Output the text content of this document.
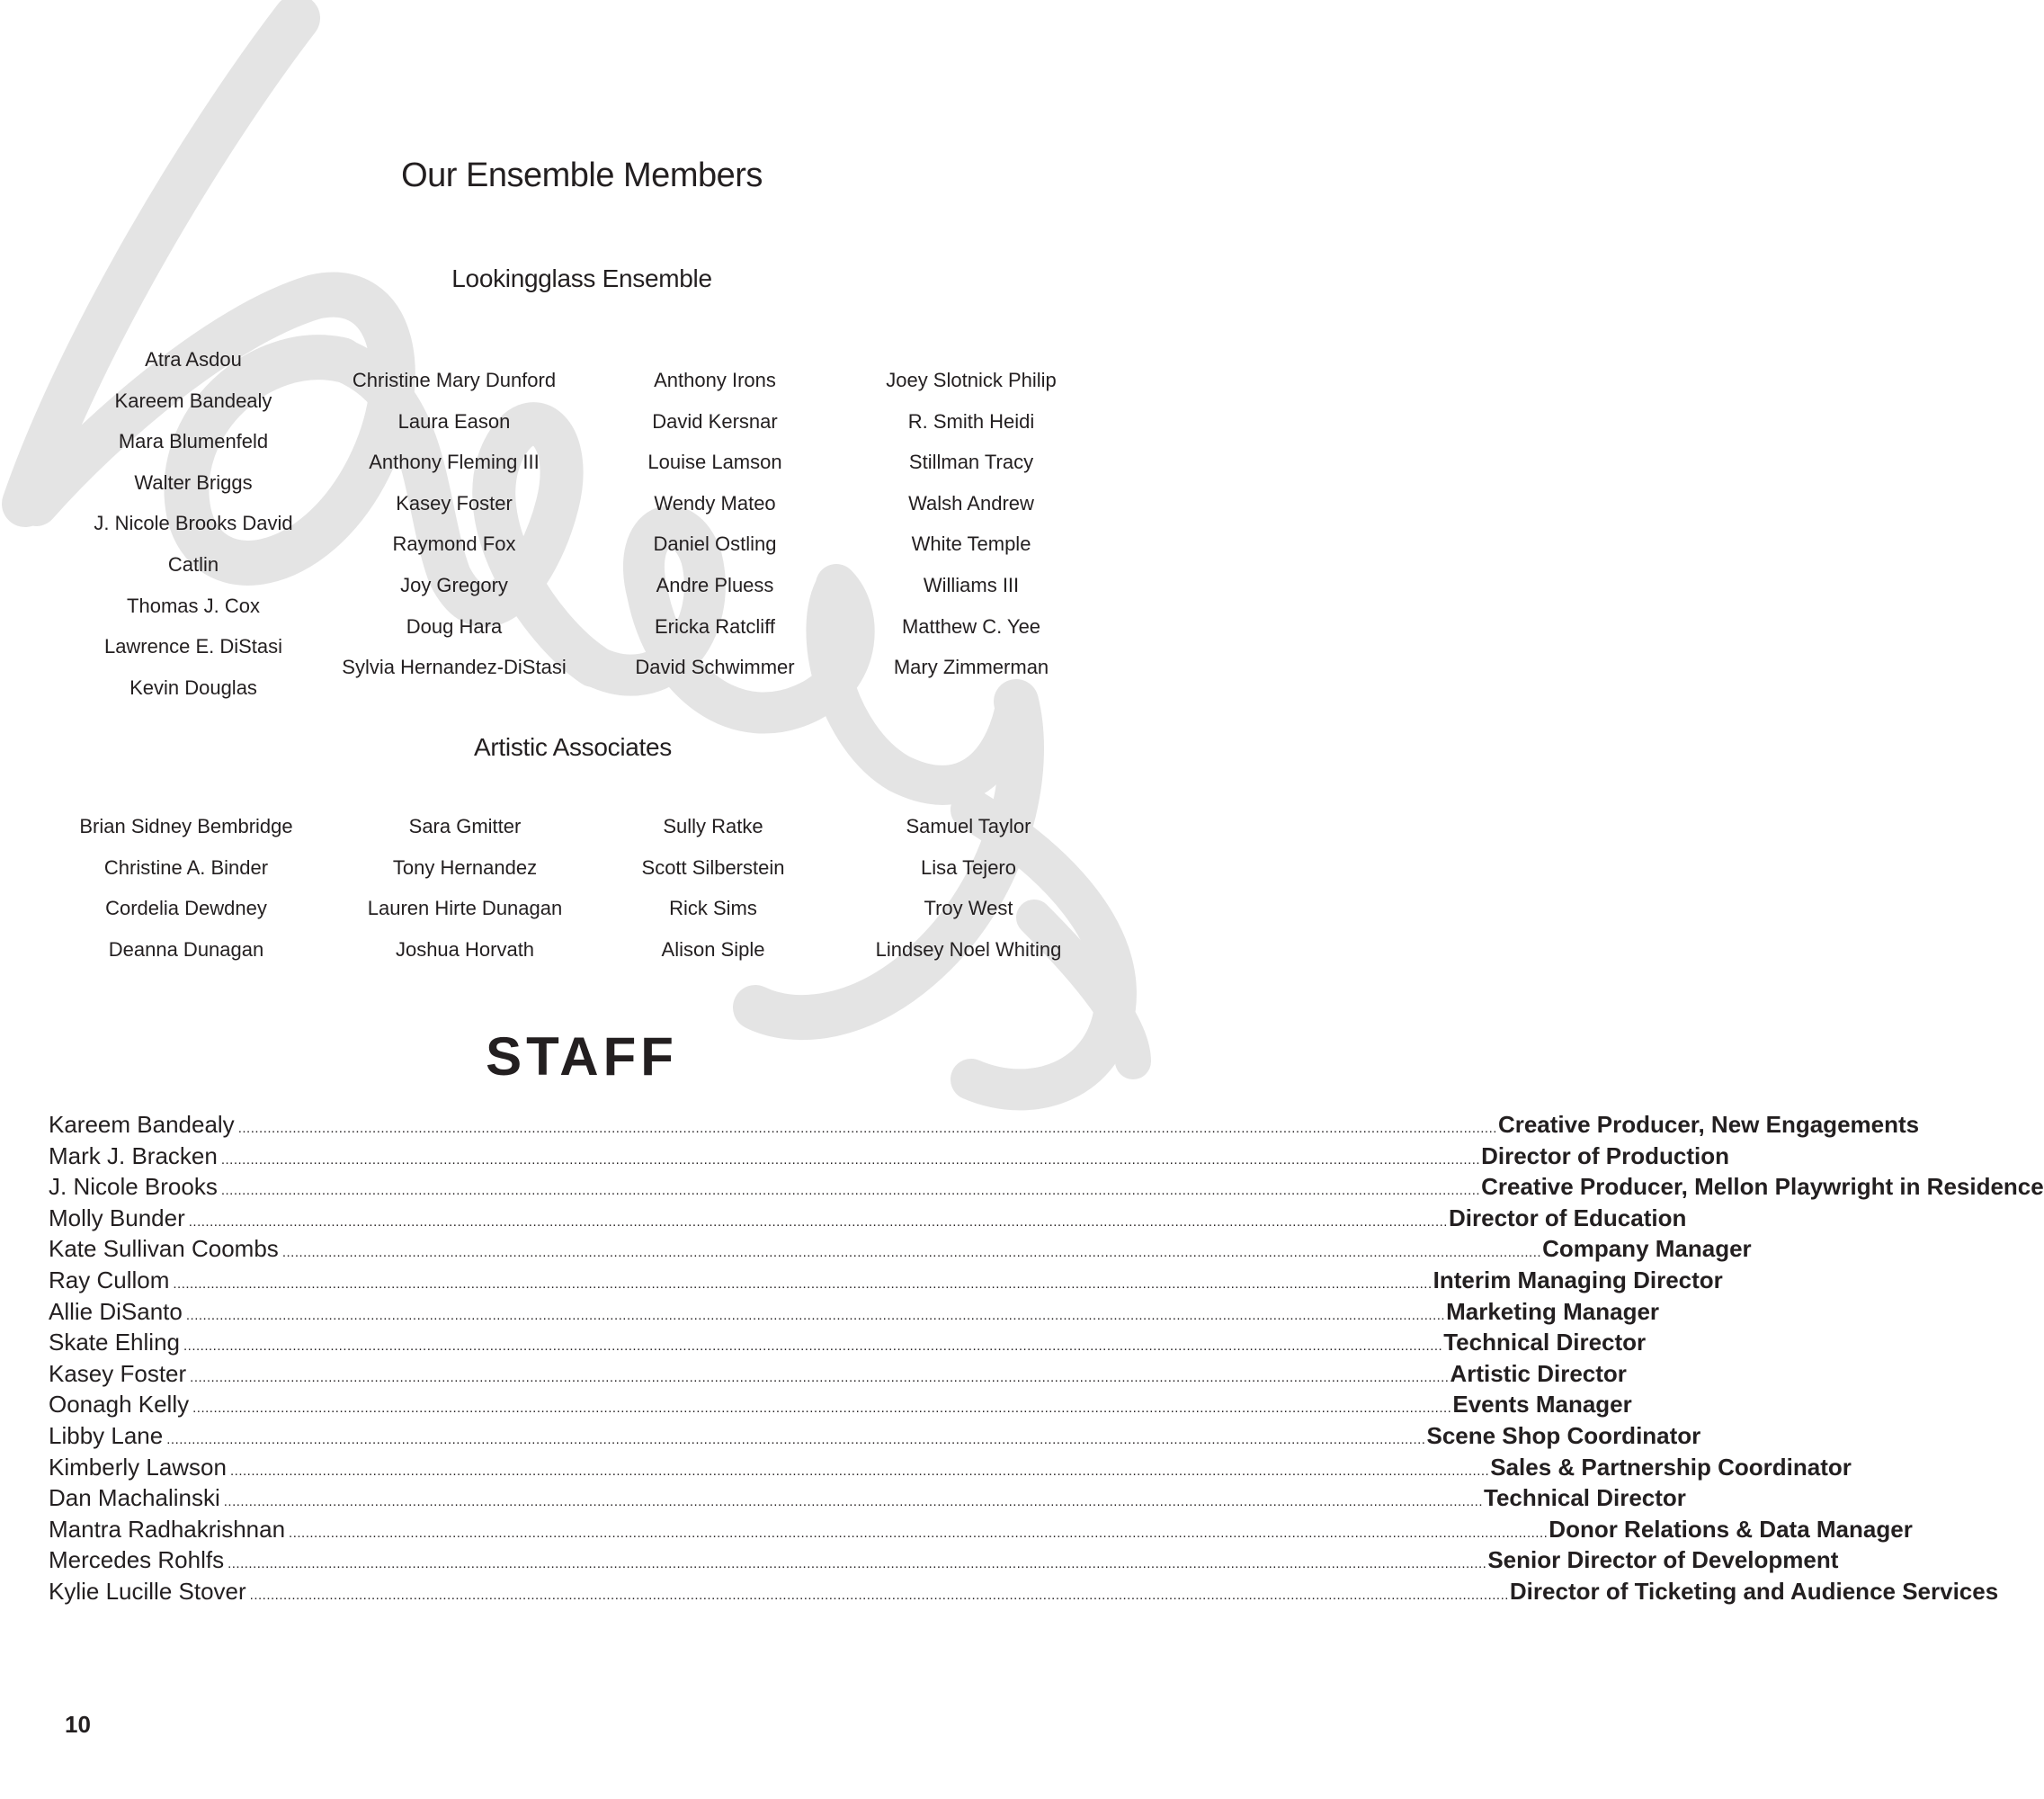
Our Ensemble Members
Lookingglass Ensemble
Atra Asdou
Kareem Bandealy
Mara Blumenfeld
Walter Briggs
J. Nicole Brooks David
Catlin
Thomas J. Cox
Lawrence E. DiStasi
Kevin Douglas
Christine Mary Dunford
Laura Eason
Anthony Fleming III
Kasey Foster
Raymond Fox
Joy Gregory
Doug Hara
Sylvia Hernandez-DiStasi
Anthony Irons
David Kersnar
Louise Lamson
Wendy Mateo
Daniel Ostling
Andre Pluess
Ericka Ratcliff
David Schwimmer
Joey Slotnick Philip
R. Smith Heidi
Stillman Tracy
Walsh Andrew
White Temple
Williams III
Matthew C. Yee
Mary Zimmerman
Artistic Associates
Brian Sidney Bembridge
Christine A. Binder
Cordelia Dewdney
Deanna Dunagan
Sara Gmitter
Tony Hernandez
Lauren Hirte Dunagan
Joshua Horvath
Sully Ratke
Scott Silberstein
Rick Sims
Alison Siple
Samuel Taylor
Lisa Tejero
Troy West
Lindsey Noel Whiting
STAFF
Kareem Bandealy ............................................................................................................................................................................................................................................................................................................ Creative Producer, New Engagements
Mark J. Bracken ............................................................................................................................................................................................................................................................................................................ Director of Production
J. Nicole Brooks ............................................................................................................................................................................................................................................................................................................ Creative Producer, Mellon Playwright in Residence
Molly Bunder ............................................................................................................................................................................................................................................................................................................ Director of Education
Kate Sullivan Coombs ............................................................................................................................................................................................................................................................................................................ Company Manager
Ray Cullom ............................................................................................................................................................................................................................................................................................................ Interim Managing Director
Allie DiSanto ............................................................................................................................................................................................................................................................................................................ Marketing Manager
Skate Ehling ............................................................................................................................................................................................................................................................................................................ Technical Director
Kasey Foster ............................................................................................................................................................................................................................................................................................................ Artistic Director
Oonagh Kelly ............................................................................................................................................................................................................................................................................................................ Events Manager
Libby Lane ............................................................................................................................................................................................................................................................................................................ Scene Shop Coordinator
Kimberly Lawson ............................................................................................................................................................................................................................................................................................................ Sales & Partnership Coordinator
Dan Machalinski ............................................................................................................................................................................................................................................................................................................ Technical Director
Mantra Radhakrishnan ............................................................................................................................................................................................................................................................................................................ Donor Relations & Data Manager
Mercedes Rohlfs ............................................................................................................................................................................................................................................................................................................ Senior Director of Development
Kylie Lucille Stover ............................................................................................................................................................................................................................................................................................................ Director of Ticketing and Audience Services
10
